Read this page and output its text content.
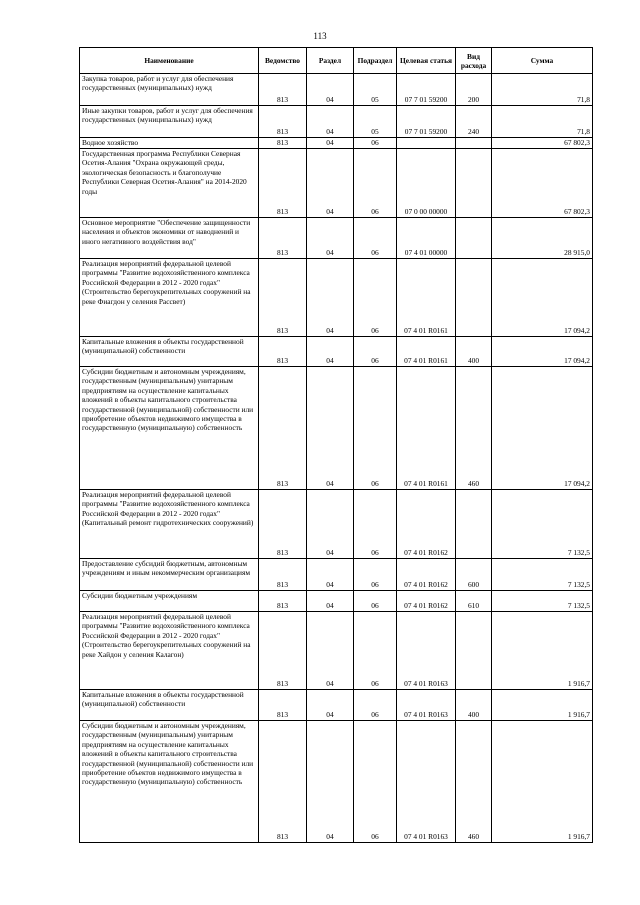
113
Наименование	Ведомство	Раздел	Подраздел	Целевая статья	Вид расхода	Сумма
Закупка товаров, работ и услуг для обеспечения государственных (муниципальных) нужд	813	04	05	07 7 01 59200	200	71,8
Иные закупки товаров, работ и услуг для обеспечения государственных (муниципальных) нужд	813	04	05	07 7 01 59200	240	71,8
Водное хозяйство	813	04	06			67 802,3
Государственная программа Республики Северная Осетия-Алания "Охрана окружающей среды, экологическая безопасность и благополучие Республики Северная Осетия-Алания" на 2014-2020 годы	813	04	06	07 0 00 00000		67 802,3
Основное мероприятие "Обеспечение защищенности населения и объектов экономики от наводнений и иного негативного воздействия вод"	813	04	06	07 4 01 00000		28 915,0
Реализация мероприятий федеральной целевой программы "Развитие водохозяйственного комплекса Российской Федерации в 2012 - 2020 годах" (Строительство берегоукрепительных сооружений на реке Фиагдон у селения Рассвет)	813	04	06	07 4 01 R0161		17 094,2
Капитальные вложения в объекты государственной (муниципальной) собственности	813	04	06	07 4 01 R0161	400	17 094,2
Субсидии бюджетным и автономным учреждениям, государственным (муниципальным) унитарным предприятиям на осуществление капитальных вложений в объекты капитального строительства государственной (муниципальной) собственности или приобретение объектов недвижимого имущества в государственную (муниципальную) собственность	813	04	06	07 4 01 R0161	460	17 094,2
Реализация мероприятий федеральной целевой программы "Развитие водохозяйственного комплекса Российской Федерации в 2012 - 2020 годах" (Капитальный ремонт гидротехнических сооружений)	813	04	06	07 4 01 R0162		7 132,5
Предоставление субсидий бюджетным, автономным учреждениям и иным некоммерческим организациям	813	04	06	07 4 01 R0162	600	7 132,5
Субсидии бюджетным учреждениям	813	04	06	07 4 01 R0162	610	7 132,5
Реализация мероприятий федеральной целевой программы "Развитие водохозяйственного комплекса Российской Федерации в 2012 - 2020 годах" (Строительство берегоукрепительных сооружений на реке Хайдон у селения Калагон)	813	04	06	07 4 01 R0163		1 916,7
Капитальные вложения в объекты государственной (муниципальной) собственности	813	04	06	07 4 01 R0163	400	1 916,7
Субсидии бюджетным и автономным учреждениям, государственным (муниципальным) унитарным предприятиям на осуществление капитальных вложений в объекты капитального строительства государственной (муниципальной) собственности или приобретение объектов недвижимого имущества в государственную (муниципальную) собственность	813	04	06	07 4 01 R0163	460	1 916,7
